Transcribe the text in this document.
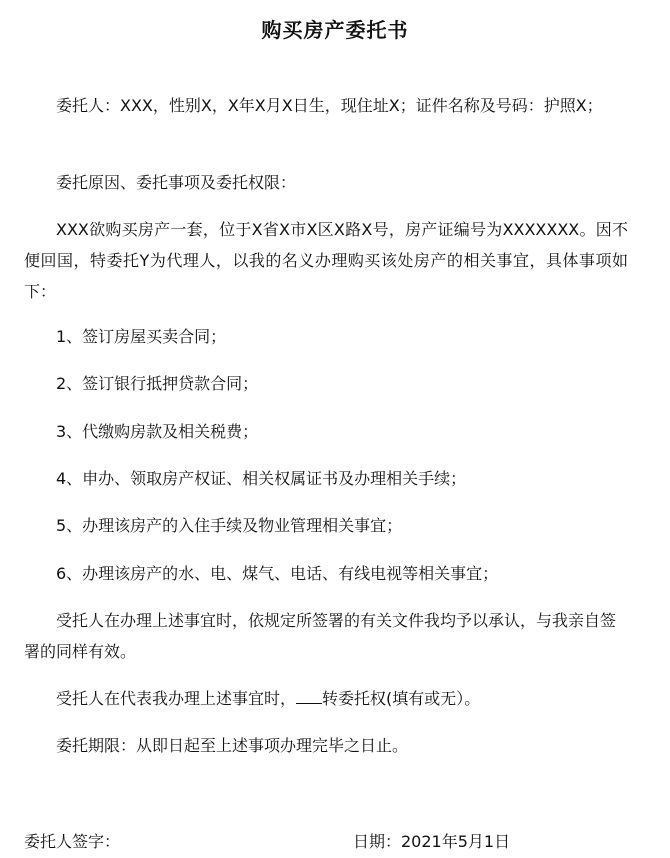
购买房产委托书
委托人：XXX，性别X，X年X月X日生，现住址X；证件名称及号码：护照X；
委托原因、委托事项及委托权限：
XXX欲购买房产一套，位于X省X市X区X路X号，房产证编号为XXXXXXX。因不便回国，特委托Y为代理人，以我的名义办理购买该处房产的相关事宜，具体事项如下：
1、签订房屋买卖合同；
2、签订银行抵押贷款合同；
3、代缴购房款及相关税费；
4、申办、领取房产权证、相关权属证书及办理相关手续；
5、办理该房产的入住手续及物业管理相关事宜；
6、办理该房产的水、电、煤气、电话、有线电视等相关事宜；
受托人在办理上述事宜时，依规定所签署的有关文件我均予以承认，与我亲自签署的同样有效。
受托人在代表我办理上述事宜时， 转委托权(填有或无）。
委托期限：从即日起至上述事项办理完毕之日止。
委托人签字：	日期：2021年5月1日
